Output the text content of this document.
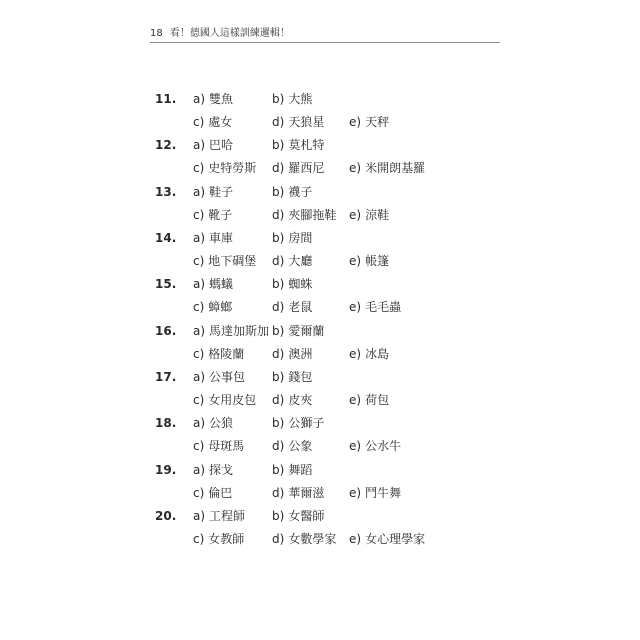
18 看！德國人這樣訓練邏輯！
11. a) 雙魚	b) 大熊
c) 處女	d) 天狼星 e) 天秤
12. a) 巴哈	b) 莫札特
c) 史特勞斯 d) 羅西尼 e) 米開朗基羅
13. a) 鞋子	b) 襪子
c) 靴子	d) 夾腳拖鞋 e) 涼鞋
14. a) 車庫	b) 房間
c) 地下碉堡 d) 大廳	e) 帳篷
15. a) 螞蟻	b) 蜘蛛
c) 蟑螂	d) 老鼠	e) 毛毛蟲
16. a) 馬達加斯加 b) 愛爾蘭
c) 格陵蘭 d) 澳洲	e) 冰島
17. a) 公事包 b) 錢包
c) 女用皮包 d) 皮夾	e) 荷包
18. a) 公狼	b) 公獅子
c) 母斑馬 d) 公象	e) 公水牛
19. a) 探戈	b) 舞蹈
c) 倫巴	d) 華爾滋 e) 鬥牛舞
20. a) 工程師 b) 女醫師
c) 女教師 d) 女數學家 e) 女心理學家
